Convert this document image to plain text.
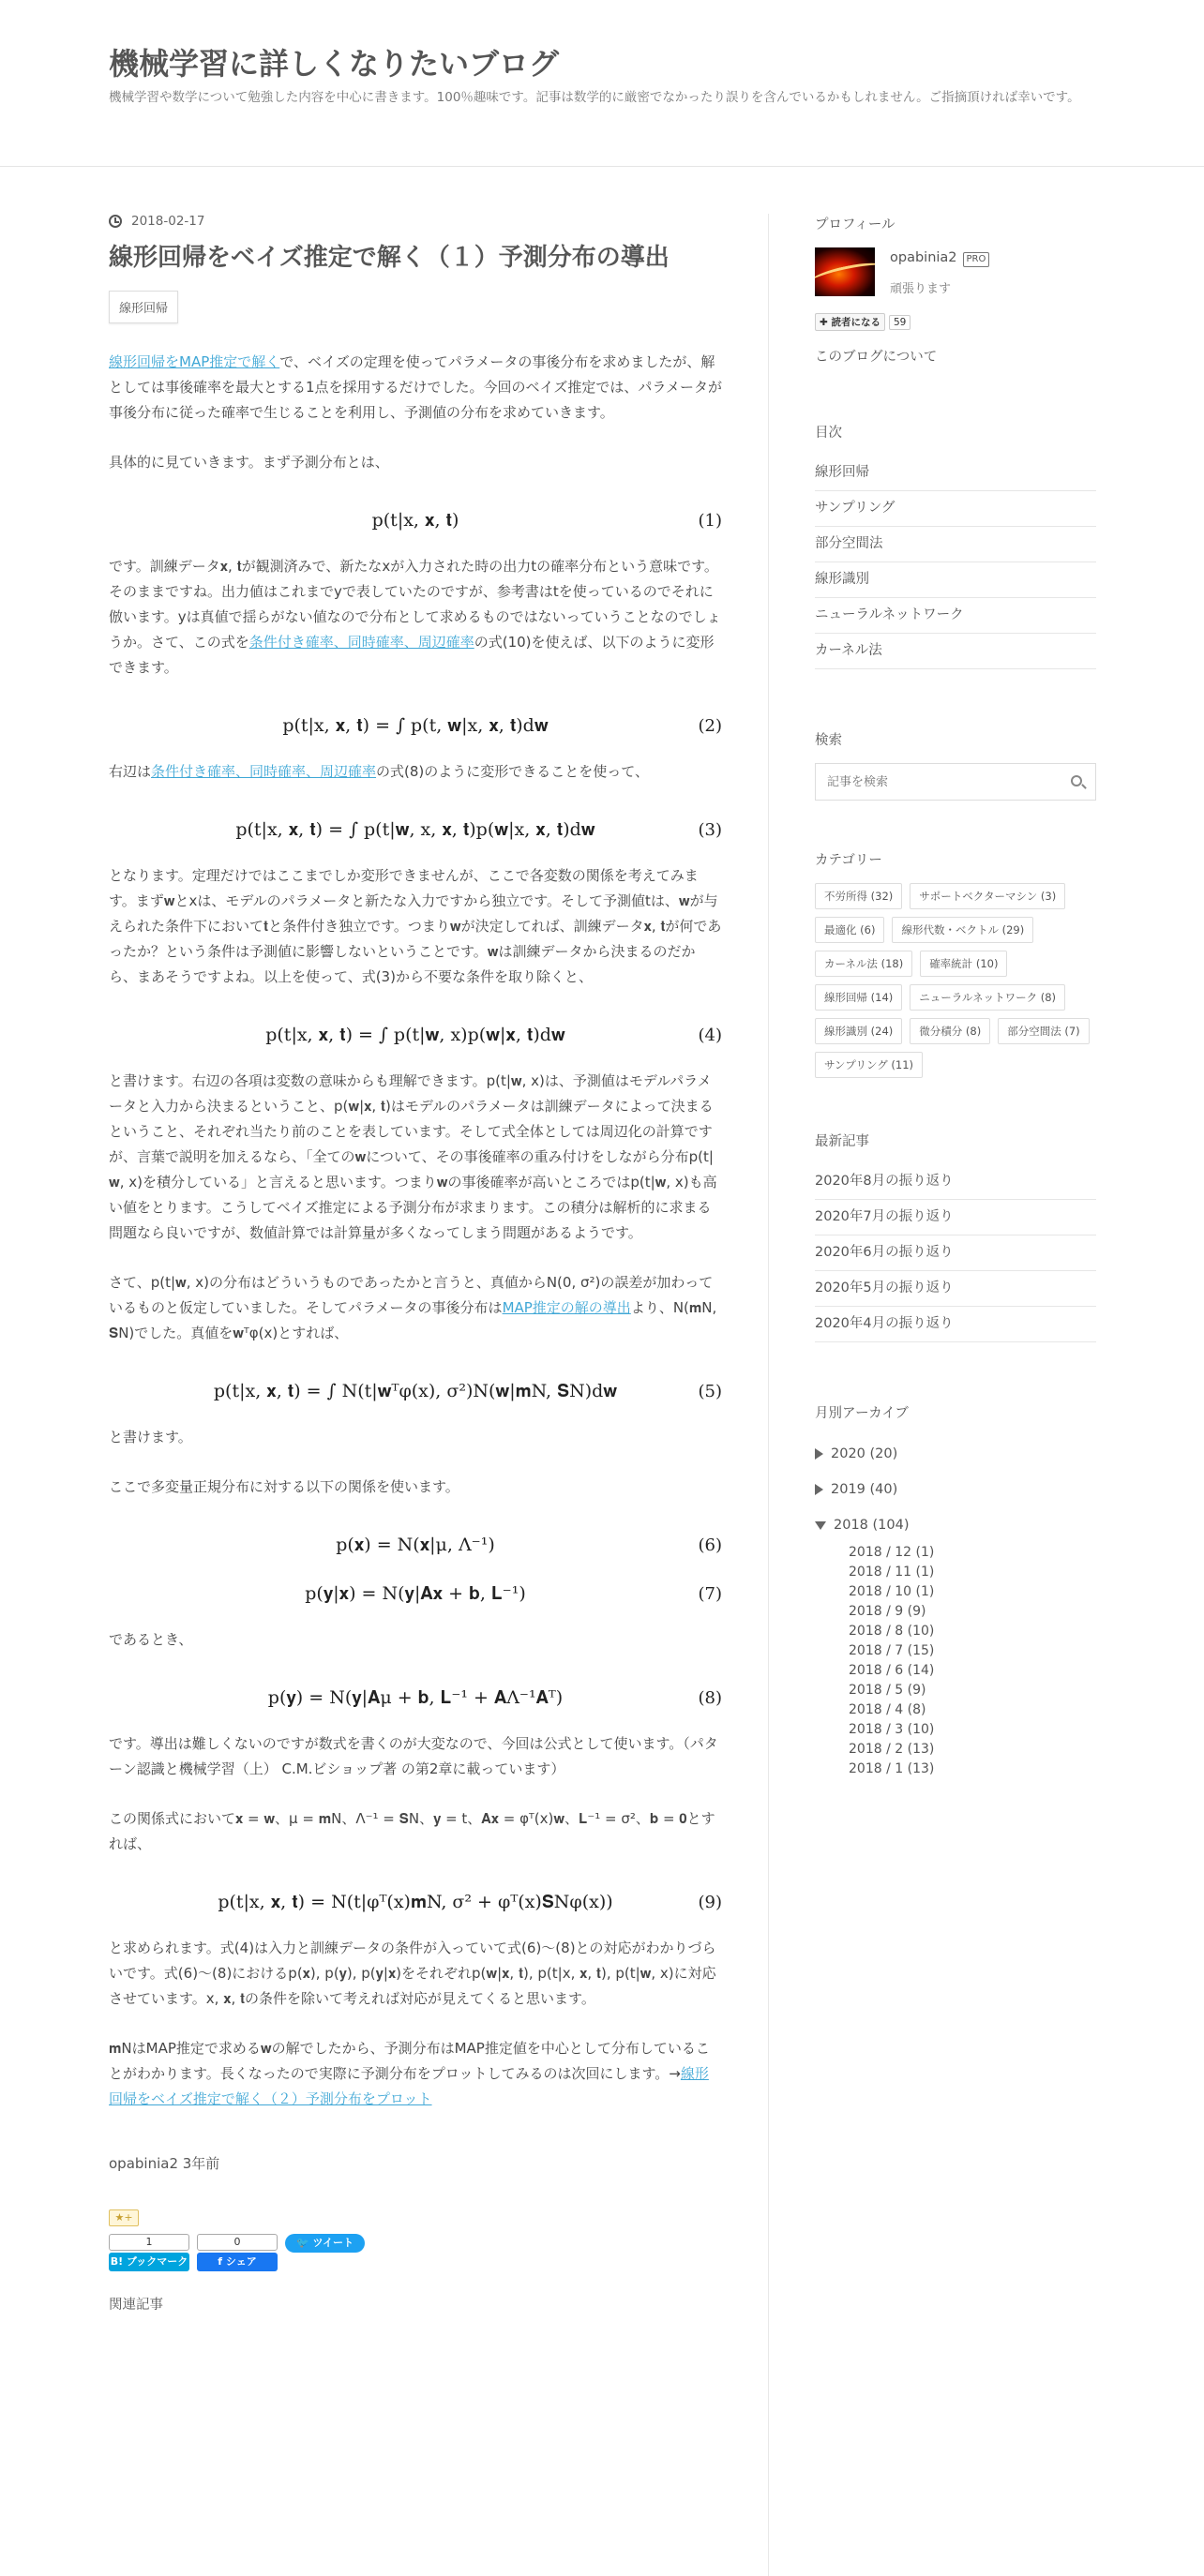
機械学習に詳しくなりたいブログ
機械学習や数学について勉強した内容を中心に書きます。100％趣味です。記事は数学的に厳密でなかったり誤りを含んでいるかもしれません。ご指摘頂ければ幸いです。
2018-02-17
線形回帰をベイズ推定で解く（１）予測分布の導出
線形回帰

線形回帰をMAP推定で解くで、ベイズの定理を使ってパラメータの事後分布を求めましたが、解としては事後確率を最大とする1点を採用するだけでした。今回のベイズ推定では、パラメータが事後分布に従った確率で生じることを利用し、予測値の分布を求めていきます。

具体的に見ていきます。まず予測分布とは、

p(t|x, 𝐱, 𝐭)	(1)

です。訓練データ𝐱, 𝐭が観測済みで、新たなxが入力された時の出力tの確率分布という意味です。そのままですね。出力値はこれまでyで表していたのですが、参考書はtを使っているのでそれに倣います。yは真値で揺らがない値なので分布として求めるものではないっていうことなのでしょうか。さて、この式を条件付き確率、同時確率、周辺確率の式(10)を使えば、以下のように変形できます。

p(t|x, 𝐱, 𝐭) = ∫ p(t, 𝐰|x, 𝐱, 𝐭)d𝐰	(2)

右辺は条件付き確率、同時確率、周辺確率の式(8)のように変形できることを使って、

p(t|x, 𝐱, 𝐭) = ∫ p(t|𝐰, x, 𝐱, 𝐭)p(𝐰|x, 𝐱, 𝐭)d𝐰	(3)

となります。定理だけではここまでしか変形できませんが、ここで各変数の関係を考えてみます。まず𝐰とxは、モデルのパラメータと新たな入力ですから独立です。そして予測値tは、𝐰が与えられた条件下において𝐭と条件付き独立です。つまり𝐰が決定してれば、訓練データ𝐱, 𝐭が何であったか？という条件は予測値に影響しないということです。𝐰は訓練データから決まるのだから、まあそうですよね。以上を使って、式(3)から不要な条件を取り除くと、

p(t|x, 𝐱, 𝐭) = ∫ p(t|𝐰, x)p(𝐰|𝐱, 𝐭)d𝐰	(4)

と書けます。右辺の各項は変数の意味からも理解できます。p(t|𝐰, x)は、予測値はモデルパラメータと入力から決まるということ、p(𝐰|𝐱, 𝐭)はモデルのパラメータは訓練データによって決まるということ、それぞれ当たり前のことを表しています。そして式全体としては周辺化の計算ですが、言葉で説明を加えるなら、「全ての𝐰について、その事後確率の重み付けをしながら分布p(t|𝐰, x)を積分している」と言えると思います。つまり𝐰の事後確率が高いところではp(t|𝐰, x)も高い値をとります。こうしてベイズ推定による予測分布が求まります。この積分は解析的に求まる問題なら良いですが、数値計算では計算量が多くなってしまう問題があるようです。

さて、p(t|𝐰, x)の分布はどういうものであったかと言うと、真値からN(0, σ²)の誤差が加わっているものと仮定していました。そしてパラメータの事後分布はMAP推定の解の導出より、N(𝐦N, 𝐒N)でした。真値を𝐰ᵀφ(x)とすれば、

p(t|x, 𝐱, 𝐭) = ∫ N(t|𝐰ᵀφ(x), σ²)N(𝐰|𝐦N, 𝐒N)d𝐰	(5)

と書けます。

ここで多変量正規分布に対する以下の関係を使います。

p(𝐱) = N(𝐱|μ, Λ⁻¹)	(6)
p(𝐲|𝐱) = N(𝐲|𝐀𝐱 + 𝐛, 𝐋⁻¹)	(7)

であるとき、

p(𝐲) = N(𝐲|𝐀μ + 𝐛, 𝐋⁻¹ + 𝐀Λ⁻¹𝐀ᵀ)	(8)

です。導出は難しくないのですが数式を書くのが大変なので、今回は公式として使います。（パターン認識と機械学習（上） C.M.ビショップ著 の第2章に載っています）

この関係式において𝐱 = 𝐰、μ = 𝐦N、Λ⁻¹ = 𝐒N、𝐲 = t、𝐀𝐱 = φᵀ(x)𝐰、𝐋⁻¹ = σ²、𝐛 = 𝟎とすれば、

p(t|x, 𝐱, 𝐭) = N(t|φᵀ(x)𝐦N, σ² + φᵀ(x)𝐒Nφ(x))	(9)

と求められます。式(4)は入力と訓練データの条件が入っていて式(6)～(8)との対応がわかりづらいです。式(6)～(8)におけるp(𝐱), p(𝐲), p(𝐲|𝐱)をそれぞれp(𝐰|𝐱, 𝐭), p(t|x, 𝐱, 𝐭), p(t|𝐰, x)に対応させています。x, 𝐱, 𝐭の条件を除いて考えれば対応が見えてくると思います。

𝐦NはMAP推定で求める𝐰の解でしたから、予測分布はMAP推定値を中心として分布していることがわかります。長くなったので実際に予測分布をプロットしてみるのは次回にします。→線形回帰をベイズ推定で解く（２）予測分布をプロット

opabinia2 3年前
★+
1
B! ブックマーク
0
f シェア
🐦 ツイート
関連記事
プロフィール
opabinia2 PRO
頑張ります
✚ 読者になる	59
このブログについて
目次
線形回帰
サンプリング
部分空間法
線形識別
ニューラルネットワーク
カーネル法
検索
記事を検索
カテゴリー
不労所得 (32)	サポートベクターマシン (3)
最適化 (6)	線形代数・ベクトル (29)
カーネル法 (18)	確率統計 (10)
線形回帰 (14)	ニューラルネットワーク (8)
線形識別 (24)	微分積分 (8)	部分空間法 (7)
サンプリング (11)
最新記事
2020年8月の振り返り
2020年7月の振り返り
2020年6月の振り返り
2020年5月の振り返り
2020年4月の振り返り
月別アーカイブ
2020 (20)
2019 (40)
2018 (104)
2018 / 12 (1)
2018 / 11 (1)
2018 / 10 (1)
2018 / 9 (9)
2018 / 8 (10)
2018 / 7 (15)
2018 / 6 (14)
2018 / 5 (9)
2018 / 4 (8)
2018 / 3 (10)
2018 / 2 (13)
2018 / 1 (13)
